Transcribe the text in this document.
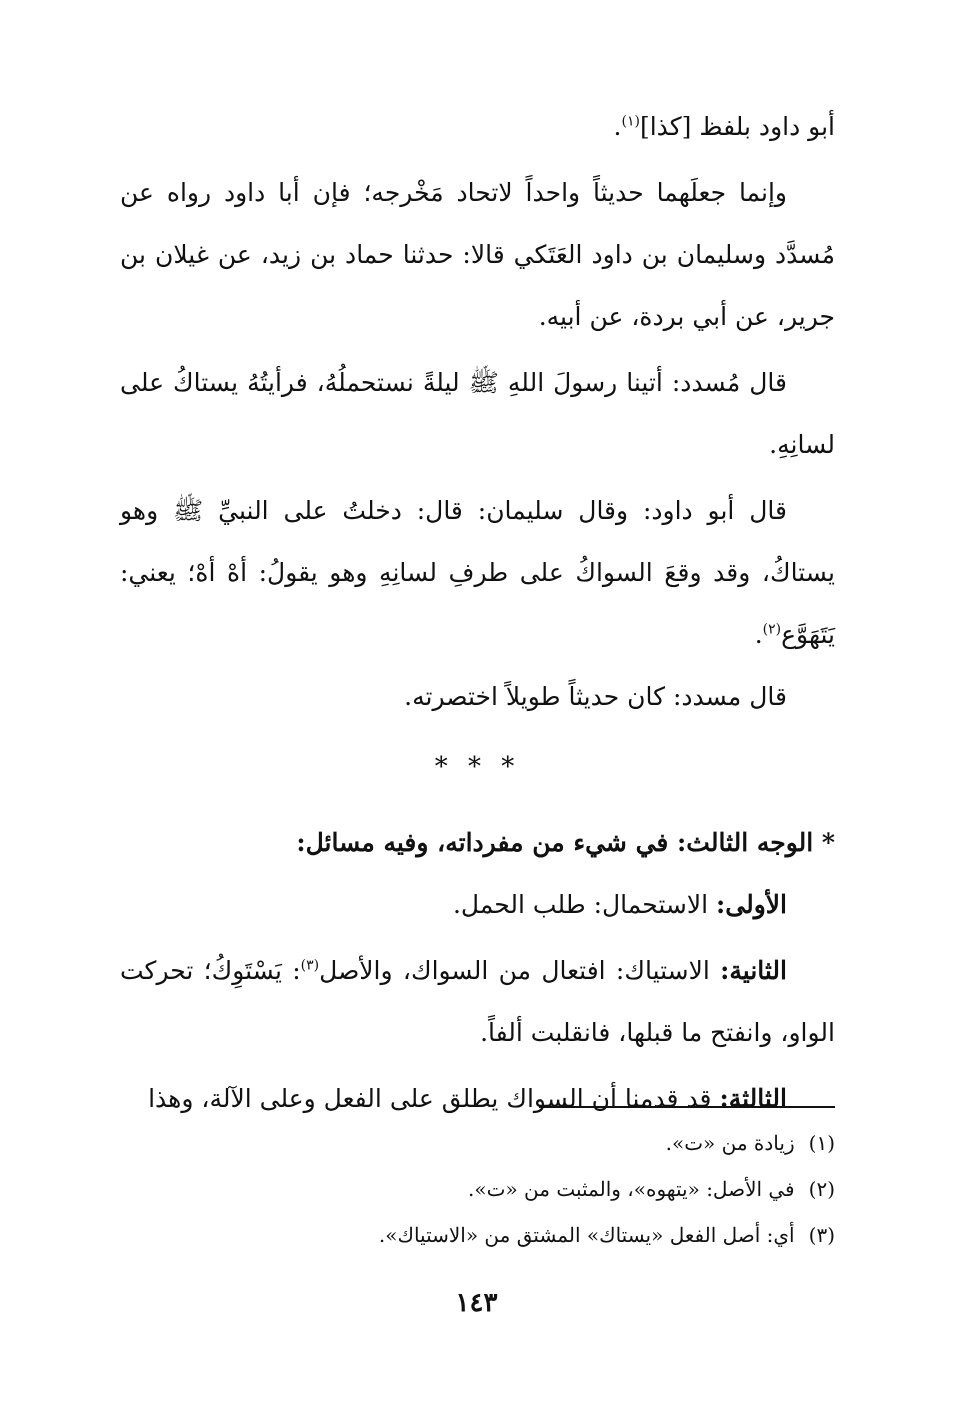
أبو داود بلفظ [كذا]$^{(١)}$.

وإنما جعلَهما حديثاً واحداً لاتحاد مَخْرجه؛ فإن أبا داود رواه عن مُسدَّد وسليمان بن داود العَتَكي قالا: حدثنا حماد بن زيد، عن غيلان بن جرير، عن أبي بردة، عن أبيه.

قال مُسدد: أتينا رسولَ اللهِ ﷺ ليلةً نستحملُهُ، فرأيتُهُ يستاكُ على لسانِهِ.

قال أبو داود: وقال سليمان: قال: دخلتُ على النبيِّ ﷺ وهو يستاكُ، وقد وقعَ السواكُ على طرفِ لسانِهِ وهو يقولُ: أهْ أهْ؛ يعني: يَتَهَوَّع$^{(٢)}$.

قال مسدد: كان حديثاً طويلاً اختصرته.

* * *

* الوجه الثالث: في شيء من مفرداته، وفيه مسائل:

الأولى: الاستحمال: طلب الحمل.

الثانية: الاستياك: افتعال من السواك، والأصل$^{(٣)}$: يَسْتَوِكُ؛ تحركت الواو، وانفتح ما قبلها، فانقلبت ألفاً.

الثالثة: قد قدمنا أن السواك يطلق على الفعل وعلى الآلة، وهذا

(١)زيادة من «ت».

(٢)في الأصل: «يتهوه»، والمثبت من «ت».

(٣)أي: أصل الفعل «يستاك» المشتق من «الاستياك».

١٤٣
